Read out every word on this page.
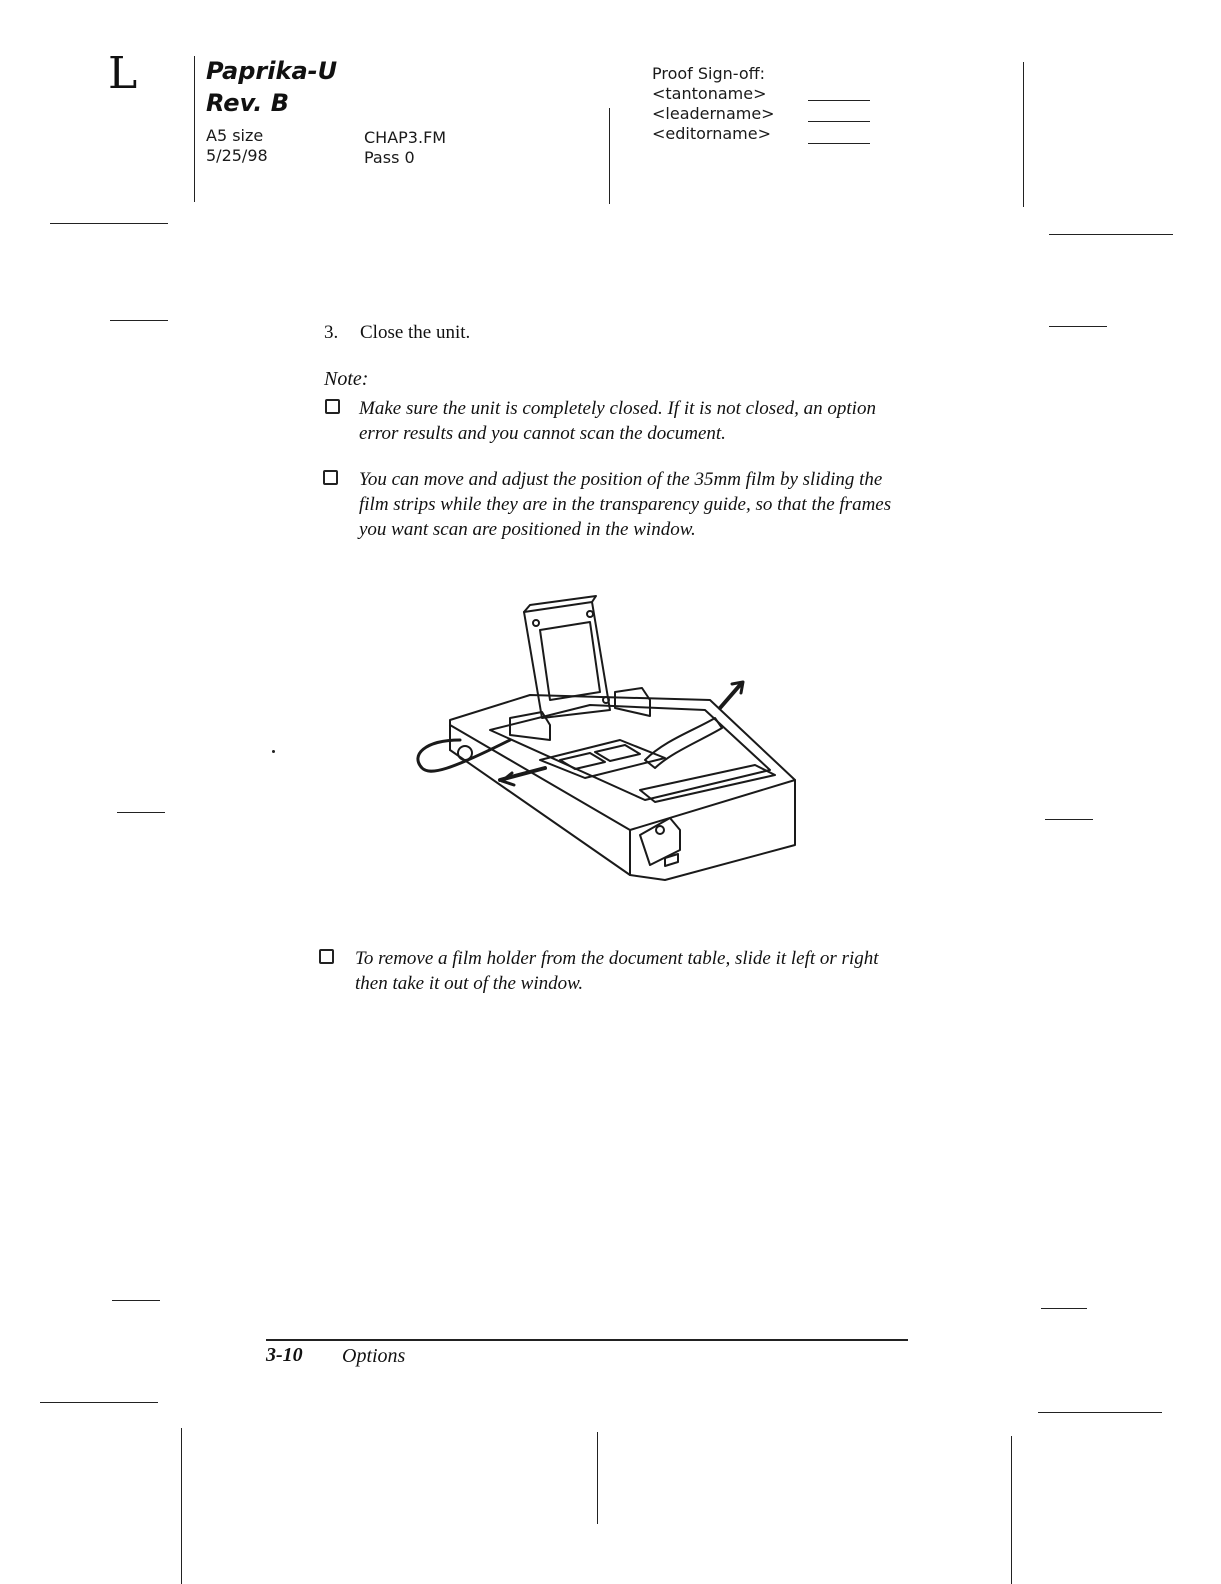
L	Paprika-U
Rev. B
A5 size
5/25/98
CHAP3.FM
Pass 0
Proof Sign-off:
<tantoname>
<leadername>
<editorname>
3. Close the unit.
Note:
Make sure the unit is completely closed. If it is not closed, an option error results and you cannot scan the document.
You can move and adjust the position of the 35mm film by sliding the film strips while they are in the transparency guide, so that the frames you want scan are positioned in the window.
To remove a film holder from the document table, slide it left or right then take it out of the window.
3-10 Options
